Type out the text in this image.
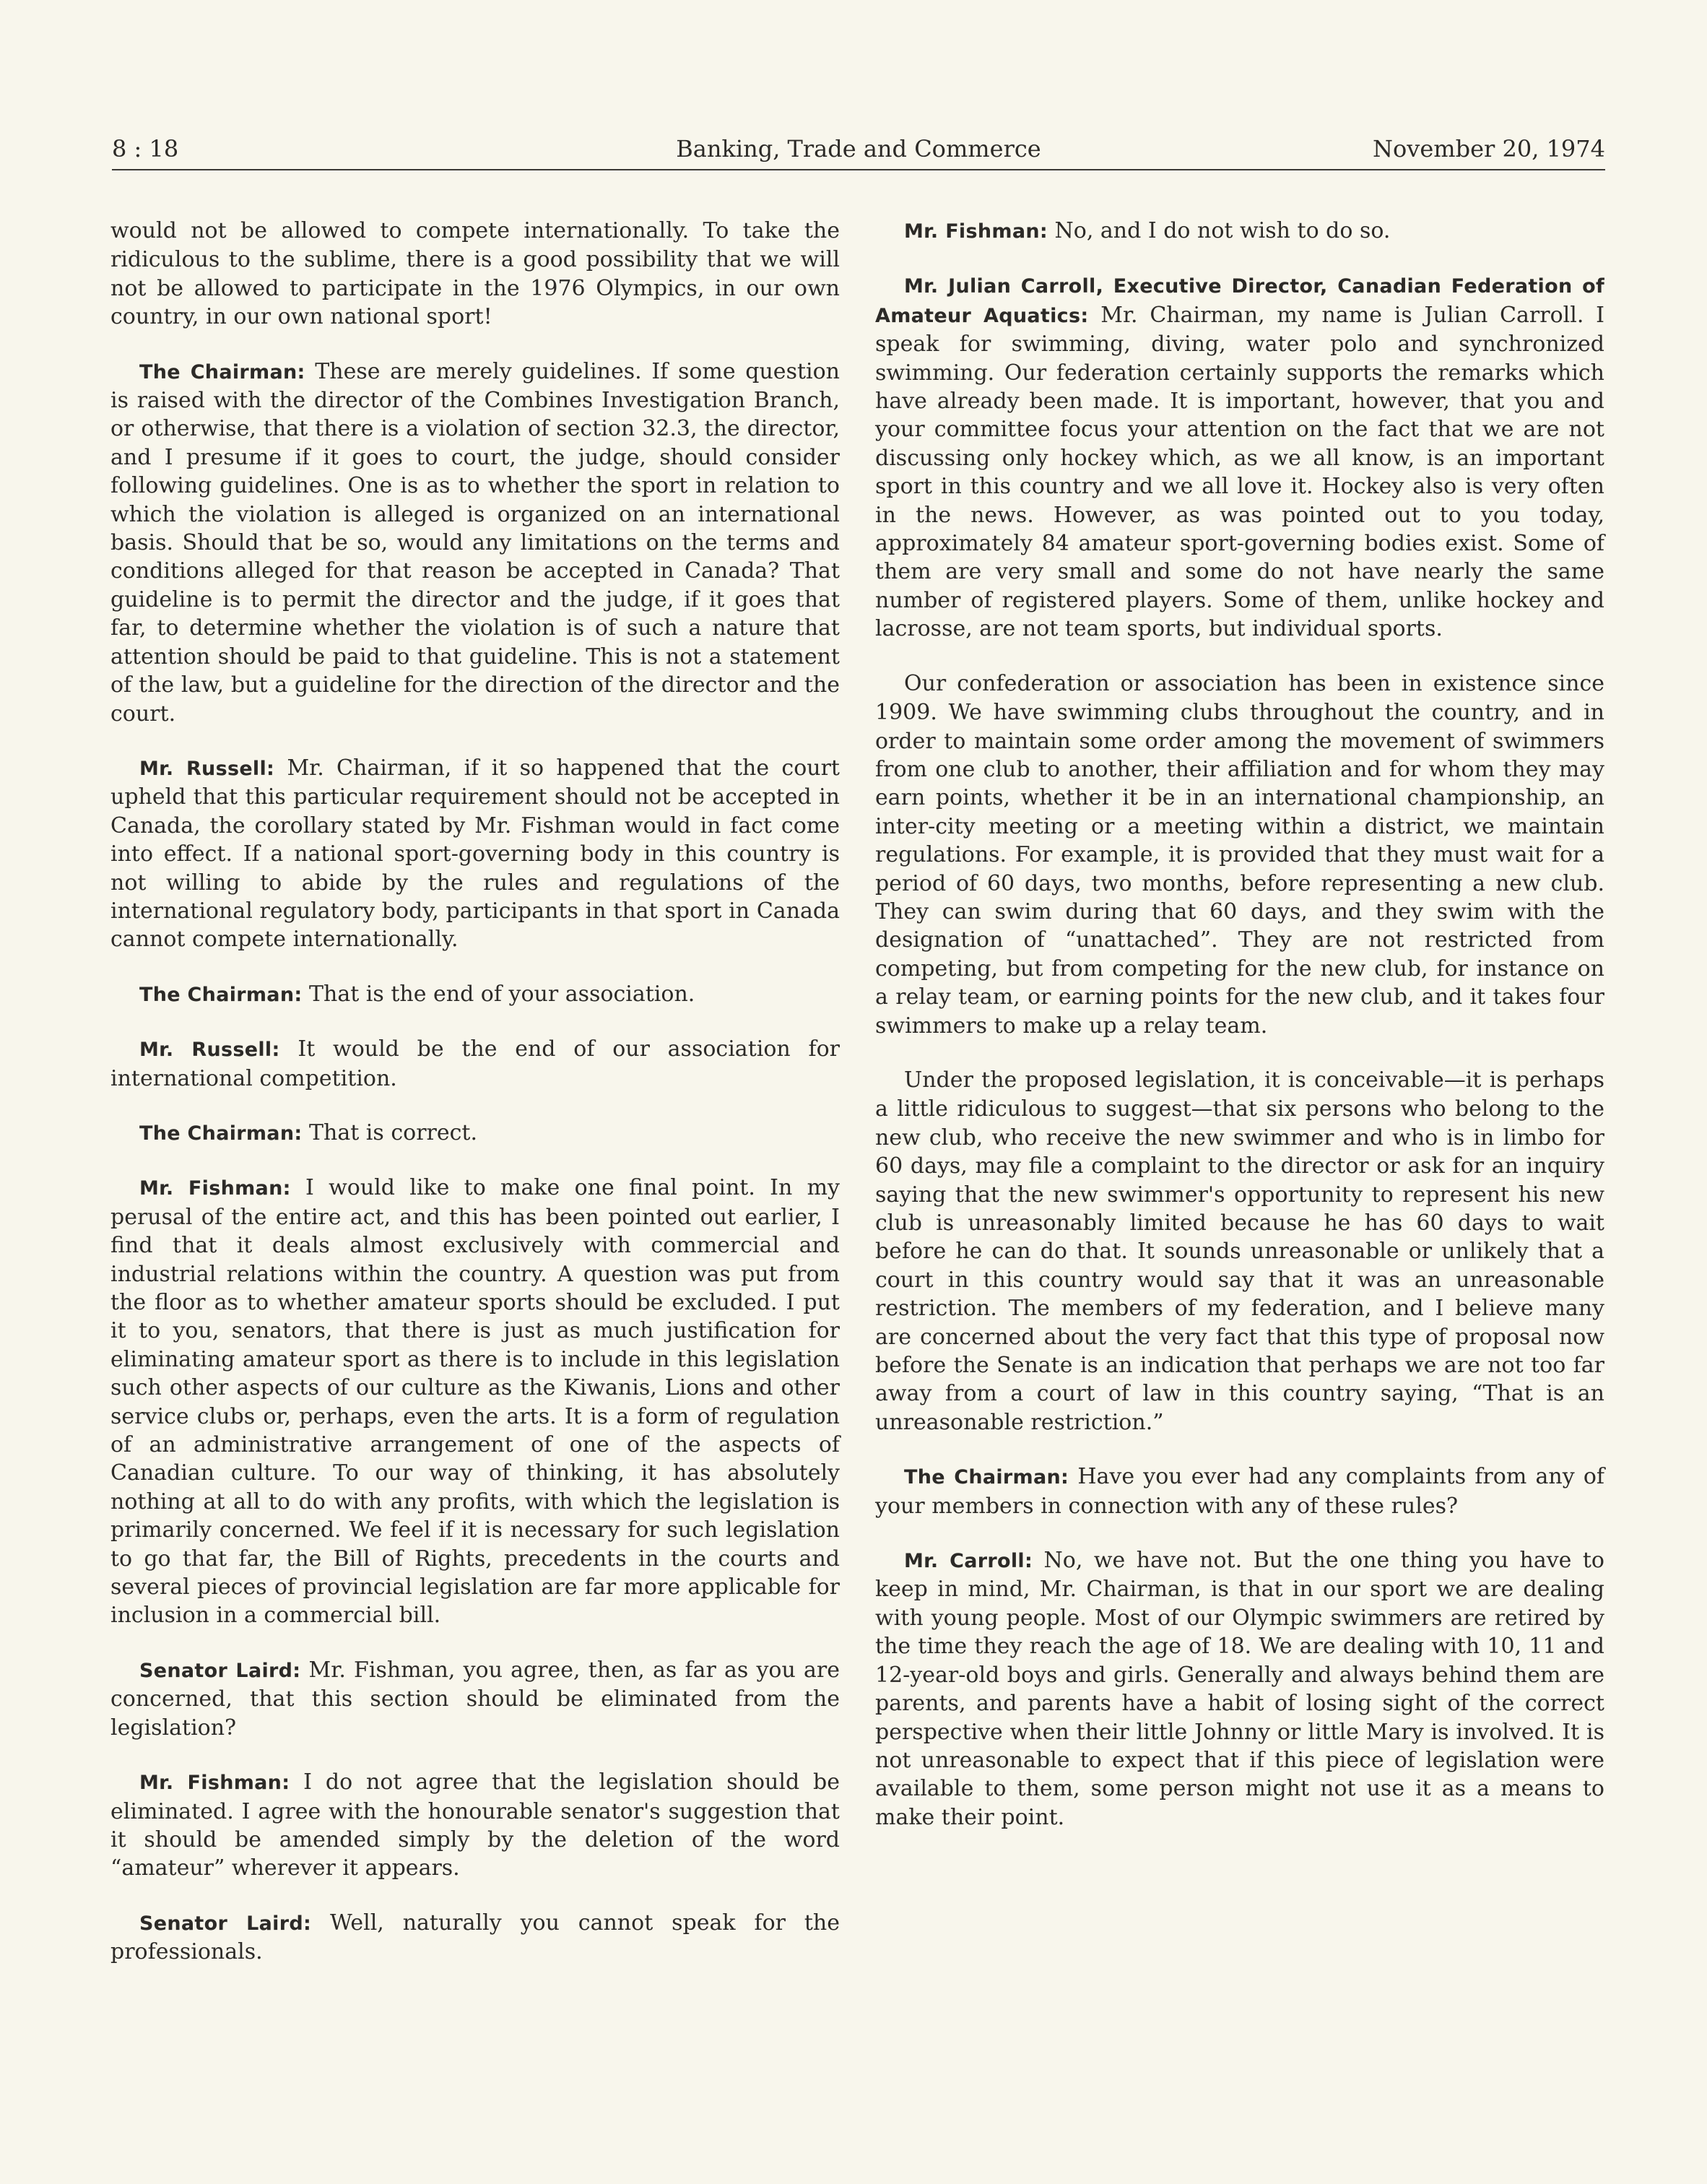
8 : 18	Banking, Trade and Commerce	November 20, 1974

would not be allowed to compete internationally. To take the ridiculous to the sublime, there is a good possibility that we will not be allowed to participate in the 1976 Olympics, in our own country, in our own national sport!

The Chairman: These are merely guidelines. If some question is raised with the director of the Combines Investigation Branch, or otherwise, that there is a violation of section 32.3, the director, and I presume if it goes to court, the judge, should consider following guidelines. One is as to whether the sport in relation to which the violation is alleged is organized on an international basis. Should that be so, would any limitations on the terms and conditions alleged for that reason be accepted in Canada? That guideline is to permit the director and the judge, if it goes that far, to determine whether the violation is of such a nature that attention should be paid to that guideline. This is not a statement of the law, but a guideline for the direction of the director and the court.

Mr. Russell: Mr. Chairman, if it so happened that the court upheld that this particular requirement should not be accepted in Canada, the corollary stated by Mr. Fishman would in fact come into effect. If a national sport-governing body in this country is not willing to abide by the rules and regulations of the international regulatory body, participants in that sport in Canada cannot compete internationally.

The Chairman: That is the end of your association.

Mr. Russell: It would be the end of our association for international competition.

The Chairman: That is correct.

Mr. Fishman: I would like to make one final point. In my perusal of the entire act, and this has been pointed out earlier, I find that it deals almost exclusively with commercial and industrial relations within the country. A question was put from the floor as to whether amateur sports should be excluded. I put it to you, senators, that there is just as much justification for eliminating amateur sport as there is to include in this legislation such other aspects of our culture as the Kiwanis, Lions and other service clubs or, perhaps, even the arts. It is a form of regulation of an administrative arrangement of one of the aspects of Canadian culture. To our way of thinking, it has absolutely nothing at all to do with any profits, with which the legislation is primarily concerned. We feel if it is necessary for such legislation to go that far, the Bill of Rights, precedents in the courts and several pieces of provincial legislation are far more applicable for inclusion in a commercial bill.

Senator Laird: Mr. Fishman, you agree, then, as far as you are concerned, that this section should be eliminated from the legislation?

Mr. Fishman: I do not agree that the legislation should be eliminated. I agree with the honourable senator's suggestion that it should be amended simply by the deletion of the word “amateur” wherever it appears.

Senator Laird: Well, naturally you cannot speak for the professionals.

Mr. Fishman: No, and I do not wish to do so.

Mr. Julian Carroll, Executive Director, Canadian Federation of Amateur Aquatics: Mr. Chairman, my name is Julian Carroll. I speak for swimming, diving, water polo and synchronized swimming. Our federation certainly supports the remarks which have already been made. It is important, however, that you and your committee focus your attention on the fact that we are not discussing only hockey which, as we all know, is an important sport in this country and we all love it. Hockey also is very often in the news. However, as was pointed out to you today, approximately 84 amateur sport-governing bodies exist. Some of them are very small and some do not have nearly the same number of registered players. Some of them, unlike hockey and lacrosse, are not team sports, but individual sports.

Our confederation or association has been in existence since 1909. We have swimming clubs throughout the country, and in order to maintain some order among the movement of swimmers from one club to another, their affiliation and for whom they may earn points, whether it be in an international championship, an inter-city meeting or a meeting within a district, we maintain regulations. For example, it is provided that they must wait for a period of 60 days, two months, before representing a new club. They can swim during that 60 days, and they swim with the designation of “unattached”. They are not restricted from competing, but from competing for the new club, for instance on a relay team, or earning points for the new club, and it takes four swimmers to make up a relay team.

Under the proposed legislation, it is conceivable—it is perhaps a little ridiculous to suggest—that six persons who belong to the new club, who receive the new swimmer and who is in limbo for 60 days, may file a complaint to the director or ask for an inquiry saying that the new swimmer's opportunity to represent his new club is unreasonably limited because he has 60 days to wait before he can do that. It sounds unreasonable or unlikely that a court in this country would say that it was an unreasonable restriction. The members of my federation, and I believe many are concerned about the very fact that this type of proposal now before the Senate is an indication that perhaps we are not too far away from a court of law in this country saying, “That is an unreasonable restriction.”

The Chairman: Have you ever had any complaints from any of your members in connection with any of these rules?

Mr. Carroll: No, we have not. But the one thing you have to keep in mind, Mr. Chairman, is that in our sport we are dealing with young people. Most of our Olympic swimmers are retired by the time they reach the age of 18. We are dealing with 10, 11 and 12-year-old boys and girls. Generally and always behind them are parents, and parents have a habit of losing sight of the correct perspective when their little Johnny or little Mary is involved. It is not unreasonable to expect that if this piece of legislation were available to them, some person might not use it as a means to make their point.
